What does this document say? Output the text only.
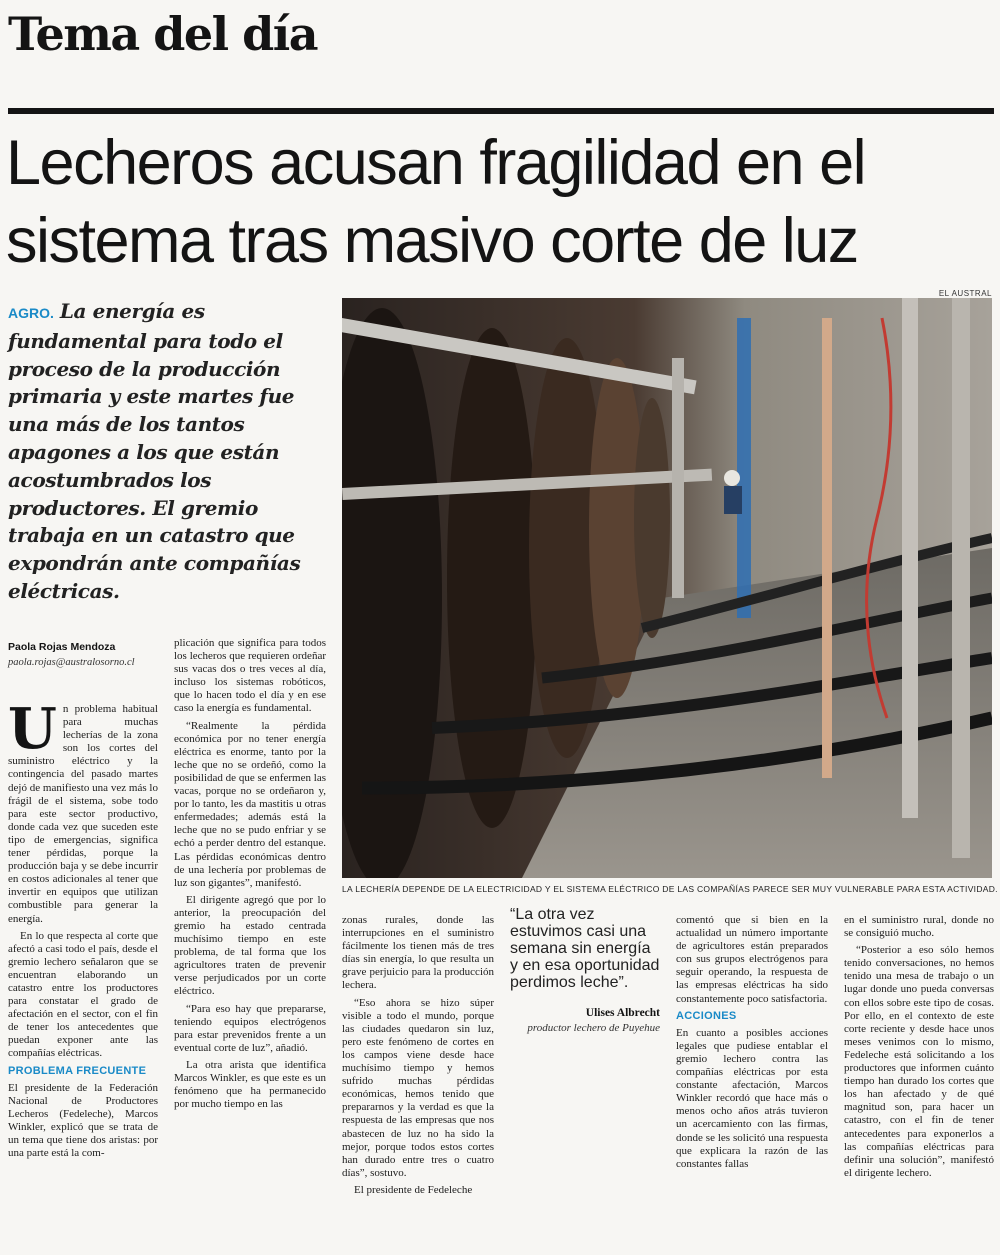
Tema del día
Lecheros acusan fragilidad en el sistema tras masivo corte de luz

AGRO. La energía es fundamental para todo el proceso de la producción primaria y este martes fue una más de los tantos apagones a los que están acostumbrados los productores. El gremio trabaja en un catastro que expondrán ante compañías eléctricas.

EL AUSTRAL

LA LECHERÍA DEPENDE DE LA ELECTRICIDAD Y EL SISTEMA ELÉCTRICO DE LAS COMPAÑÍAS PARECE SER MUY VULNERABLE PARA ESTA ACTIVIDAD.

Paola Rojas Mendoza
paola.rojas@australosorno.cl

Un problema habitual para muchas lecherías de la zona son los cortes del suministro eléctrico y la contingencia del pasado martes dejó de manifiesto una vez más lo frágil de el sistema, sobe todo para este sector productivo, donde cada vez que suceden este tipo de emergencias, significa tener pérdidas, porque la producción baja y se debe incurrir en costos adicionales al tener que invertir en equipos que utilizan combustible para generar la energía.

En lo que respecta al corte que afectó a casi todo el país, desde el gremio lechero señalaron que se encuentran elaborando un catastro entre los productores para constatar el grado de afectación en el sector, con el fin de tener los antecedentes que puedan exponer ante las compañías eléctricas.

PROBLEMA FRECUENTE

El presidente de la Federación Nacional de Productores Lecheros (Fedeleche), Marcos Winkler, explicó que se trata de un tema que tiene dos aristas: por una parte está la com-

plicación que significa para todos los lecheros que requieren ordeñar sus vacas dos o tres veces al día, incluso los sistemas robóticos, que lo hacen todo el día y en ese caso la energía es fundamental.

“Realmente la pérdida económica por no tener energía eléctrica es enorme, tanto por la leche que no se ordeñó, como la posibilidad de que se enfermen las vacas, porque no se ordeñaron y, por lo tanto, les da mastitis u otras enfermedades; además está la leche que no se pudo enfriar y se echó a perder dentro del estanque. Las pérdidas económicas dentro de una lechería por problemas de luz son gigantes”, manifestó.

El dirigente agregó que por lo anterior, la preocupación del gremio ha estado centrada muchísimo tiempo en este problema, de tal forma que los agricultores traten de prevenir verse perjudicados por un corte eléctrico.

“Para eso hay que prepararse, teniendo equipos electrógenos para estar prevenidos frente a un eventual corte de luz”, añadió.

La otra arista que identifica Marcos Winkler, es que este es un fenómeno que ha permanecido por mucho tiempo en las

zonas rurales, donde las interrupciones en el suministro fácilmente los tienen más de tres días sin energía, lo que resulta un grave perjuicio para la producción lechera.

“Eso ahora se hizo súper visible a todo el mundo, porque las ciudades quedaron sin luz, pero este fenómeno de cortes en los campos viene desde hace muchísimo tiempo y hemos sufrido muchas pérdidas económicas, hemos tenido que prepararnos y la verdad es que la respuesta de las empresas que nos abastecen de luz no ha sido la mejor, porque todos estos cortes han durado entre tres o cuatro días”, sostuvo.

El presidente de Fedeleche

“La otra vez estuvimos casi una semana sin energía y en esa oportunidad perdimos leche”.

Ulises Albrecht
productor lechero de Puyehue

comentó que si bien en la actualidad un número importante de agricultores están preparados con sus grupos electrógenos para seguir operando, la respuesta de las empresas eléctricas ha sido constantemente poco satisfactoria.

ACCIONES

En cuanto a posibles acciones legales que pudiese entablar el gremio lechero contra las compañías eléctricas por esta constante afectación, Marcos Winkler recordó que hace más o menos ocho años atrás tuvieron un acercamiento con las firmas, donde se les solicitó una respuesta que explicara la razón de las constantes fallas

en el suministro rural, donde no se consiguió mucho.

“Posterior a eso sólo hemos tenido conversaciones, no hemos tenido una mesa de trabajo o un lugar donde uno pueda conversas con ellos sobre este tipo de cosas. Por ello, en el contexto de este corte reciente y desde hace unos meses venimos con lo mismo, Fedeleche está solicitando a los productores que informen cuánto tiempo han durado los cortes que los han afectado y de qué magnitud son, para hacer un catastro, con el fin de tener antecedentes para exponerlos a las compañías eléctricas para definir una solución”, manifestó el dirigente lechero.
